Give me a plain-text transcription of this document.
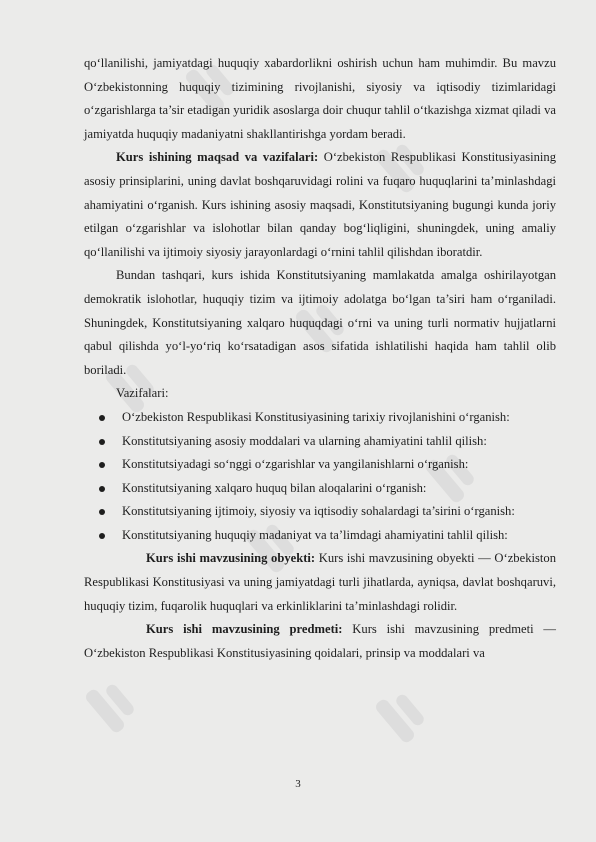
qo‘llanilishi, jamiyatdagi huquqiy xabardorlikni oshirish uchun ham muhimdir. Bu mavzu O‘zbekistonning huquqiy tizimining rivojlanishi, siyosiy va iqtisodiy tizimlaridagi o‘zgarishlarga ta’sir etadigan yuridik asoslarga doir chuqur tahlil o‘tkazishga xizmat qiladi va jamiyatda huquqiy madaniyatni shakllantirishga yordam beradi.

Kurs ishining maqsad va vazifalari: O‘zbekiston Respublikasi Konstitusiyasining asosiy prinsiplarini, uning davlat boshqaruvidagi rolini va fuqaro huquqlarini ta’minlashdagi ahamiyatini o‘rganish. Kurs ishining asosiy maqsadi, Konstitutsiyaning bugungi kunda joriy etilgan o‘zgarishlar va islohotlar bilan qanday bog‘liqligini, shuningdek, uning amaliy qo‘llanilishi va ijtimoiy siyosiy jarayonlardagi o‘rnini tahlil qilishdan iboratdir.

Bundan tashqari, kurs ishida Konstitutsiyaning mamlakatda amalga oshirilayotgan demokratik islohotlar, huquqiy tizim va ijtimoiy adolatga bo‘lgan ta’siri ham o‘rganiladi. Shuningdek, Konstitutsiyaning xalqaro huquqdagi o‘rni va uning turli normativ hujjatlarni qabul qilishda yo‘l-yo‘riq ko‘rsatadigan asos sifatida ishlatilishi haqida ham tahlil olib boriladi.

Vazifalari:

O‘zbekiston Respublikasi Konstitusiyasining tarixiy rivojlanishini o‘rganish:
Konstitutsiyaning asosiy moddalari va ularning ahamiyatini tahlil qilish:
Konstitutsiyadagi so‘nggi o‘zgarishlar va yangilanishlarni o‘rganish:
Konstitutsiyaning xalqaro huquq bilan aloqalarini o‘rganish:
Konstitutsiyaning ijtimoiy, siyosiy va iqtisodiy sohalardagi ta’sirini o‘rganish:
Konstitutsiyaning huquqiy madaniyat va ta’limdagi ahamiyatini tahlil qilish:

Kurs ishi mavzusining obyekti: Kurs ishi mavzusining obyekti — O‘zbekiston Respublikasi Konstitusiyasi va uning jamiyatdagi turli jihatlarda, ayniqsa, davlat boshqaruvi, huquqiy tizim, fuqarolik huquqlari va erkinliklarini ta’minlashdagi rolidir.

Kurs ishi mavzusining predmeti: Kurs ishi mavzusining predmeti — O‘zbekiston Respublikasi Konstitusiyasining qoidalari, prinsip va moddalari va

3
